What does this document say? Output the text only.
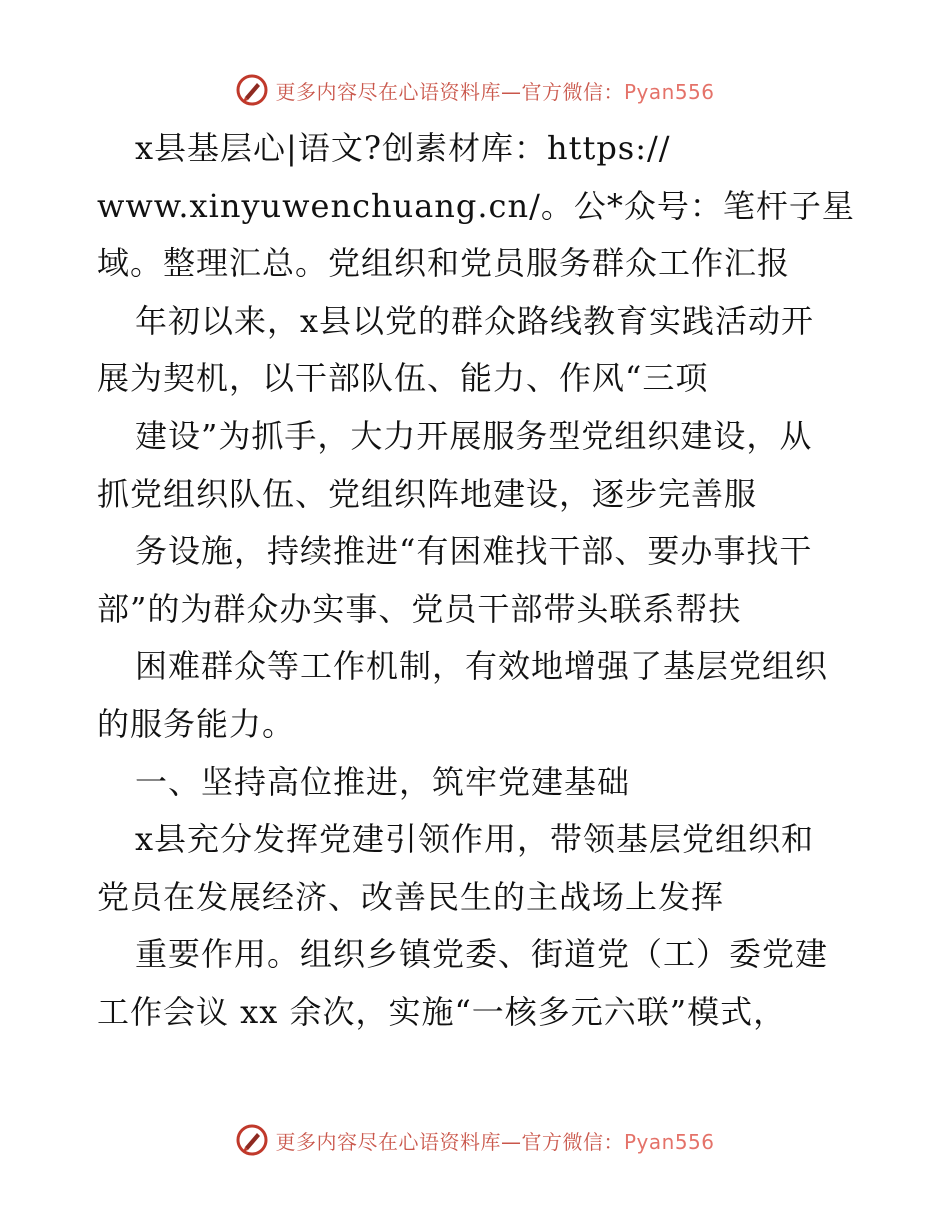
更多内容尽在心语资料库—官方微信：Pyan556
x县基层心|语文?创素材库：https://
www.xinyuwenchuang.cn/。公*众号：笔杆子星
域。整理汇总。党组织和党员服务群众工作汇报
年初以来，x县以党的群众路线教育实践活动开
展为契机，以干部队伍、能力、作风“三项
建设”为抓手，大力开展服务型党组织建设，从
抓党组织队伍、党组织阵地建设，逐步完善服
务设施，持续推进“有困难找干部、要办事找干
部”的为群众办实事、党员干部带头联系帮扶
困难群众等工作机制，有效地增强了基层党组织
的服务能力。
一、坚持高位推进，筑牢党建基础
x县充分发挥党建引领作用，带领基层党组织和
党员在发展经济、改善民生的主战场上发挥
重要作用。组织乡镇党委、街道党（工）委党建
工作会议 xx 余次，实施“一核多元六联”模式，
更多内容尽在心语资料库—官方微信：Pyan556
